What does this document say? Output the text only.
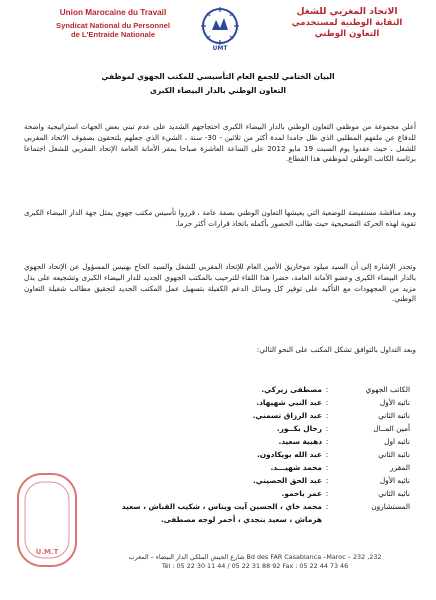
Union Marocaine du Travail
Syndicat National du Personnel
de L'Entraide Nationale
UMT
الاتحاد المغربي للشغل
النقابة الوطنية لمستخدمي
التعاون الوطني
البيان الختامي للجمع العام التأسيسي للمكتب الجهوي لموظفي
التعاون الوطني بالدار البيضاء الكبرى
أعلن مجموعة من موظفي التعاون الوطني بالدار البيضاء الكبرى احتجاجهم الشديد على عدم تبني بعض الجهات استراتيجية واضحة للدفاع عن ملفهم المطلبي الذي ظل جامدا لمدة أكثر من ثلاثين - 30- سنة ، الشيء الذي جعلهم يلتحقون بصفوف الاتحاد المغربي للشغل ، حيث عقدوا يوم السبت 19 مايو 2012 على الساعة العاشرة صباحا بمقر الأمانة العامة الإتحاد المغربي للشغل اجتماعا برئاسة الكاتب الوطني لموظفي هذا القطاع.
وبعد مناقشة مستفيضة للوضعية التي يعيشها التعاون الوطني بصفة عامة ، قرروا تأسيس مكتب جهوي يمثل جهة الدار البيضاء الكبرى تقوية لهذه الحركة التصحيحية حيث طالب الحضور بأكمله باتخاذ قرارات أكثر حزما.
وتجدر الإشارة إلى أن السيد ميلود موخاريق الأمين العام للإتحاد المغربي للشغل والسيد الحاج بهنيس المسؤول عن الإتحاد الجهوي بالدار البيضاء الكبرى وعضو الأمانة العامة، حضرا هذا اللقاء للترحيب بالمكتب الجهوي الجديد للدار البيضاء الكبرى وتشجيعه على بذل مزيد من المجهودات مع التأكيد على توفير كل وسائل الدعم الكفيلة بتسهيل عمل المكتب الجديد لتحقيق مطالب شغيلة التعاون الوطني.
وبعد التداول بالتوافق تشكل المكتب على النحو التالي:
الكاتب الجهوي
:
مصطفى زيركي.
نائبه الأول
:
عبد النبي شهيهاد.
نائبه الثاني
:
عبد الرزاق تسمني.
أمين المــال
:
رحال بكــور.
نائبه اول
:
دهبية سعيد.
نائبه الثاني
:
عبد الله بويكادون.
المقرر
:
محمد شهيـــد.
نائبه الأول
:
عبد الحق الحصيني.
نائبه الثاني
:
عمر باحمو.
المستشارون
:
محمد خاي ، الحسين آيت ويناس ، شكيب القباش ، سعيد
هرماش ، سعيد بنجدي ، أحمر لوجه مصطفى.
U.M.T
232, Bd des FAR Casablanca –Maroc – 232 شارع الجيش الملكي الدار البيضاء – المغرب
Tél : 05 22 30 11 44 / 05 22 31 88 92 Fax : 05 22 44 73 46
